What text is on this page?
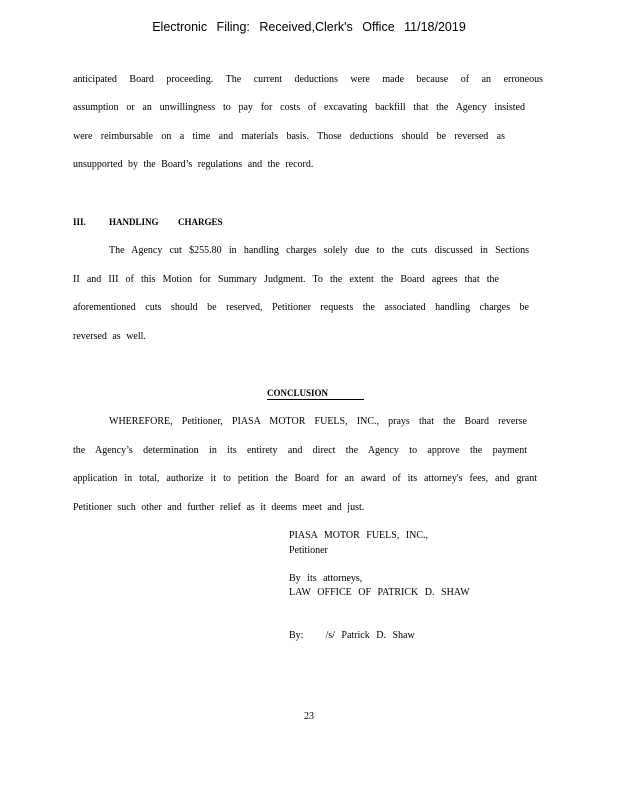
Electronic Filing: Received,Clerk's Office 11/18/2019
anticipated Board proceeding. The current deductions were made because of an erroneous
assumption or an unwillingness to pay for costs of excavating backfill that the Agency insisted
were reimbursable on a time and materials basis. Those deductions should be reversed as
unsupported by the Board’s regulations and the record.
III.	HANDLING CHARGES
The Agency cut $255.80 in handling charges solely due to the cuts discussed in Sections
II and III of this Motion for Summary Judgment. To the extent the Board agrees that the
aforementioned cuts should be reserved, Petitioner requests the associated handling charges be
reversed as well.
CONCLUSION
WHEREFORE, Petitioner, PIASA MOTOR FUELS, INC., prays that the Board reverse
the Agency’s determination in its entirety and direct the Agency to approve the payment
application in total, authorize it to petition the Board for an award of its attorney's fees, and grant
Petitioner such other and further relief as it deems meet and just.
PIASA MOTOR FUELS, INC.,
Petitioner
By its attorneys,
LAW OFFICE OF PATRICK D. SHAW
By: /s/ Patrick D. Shaw
23
